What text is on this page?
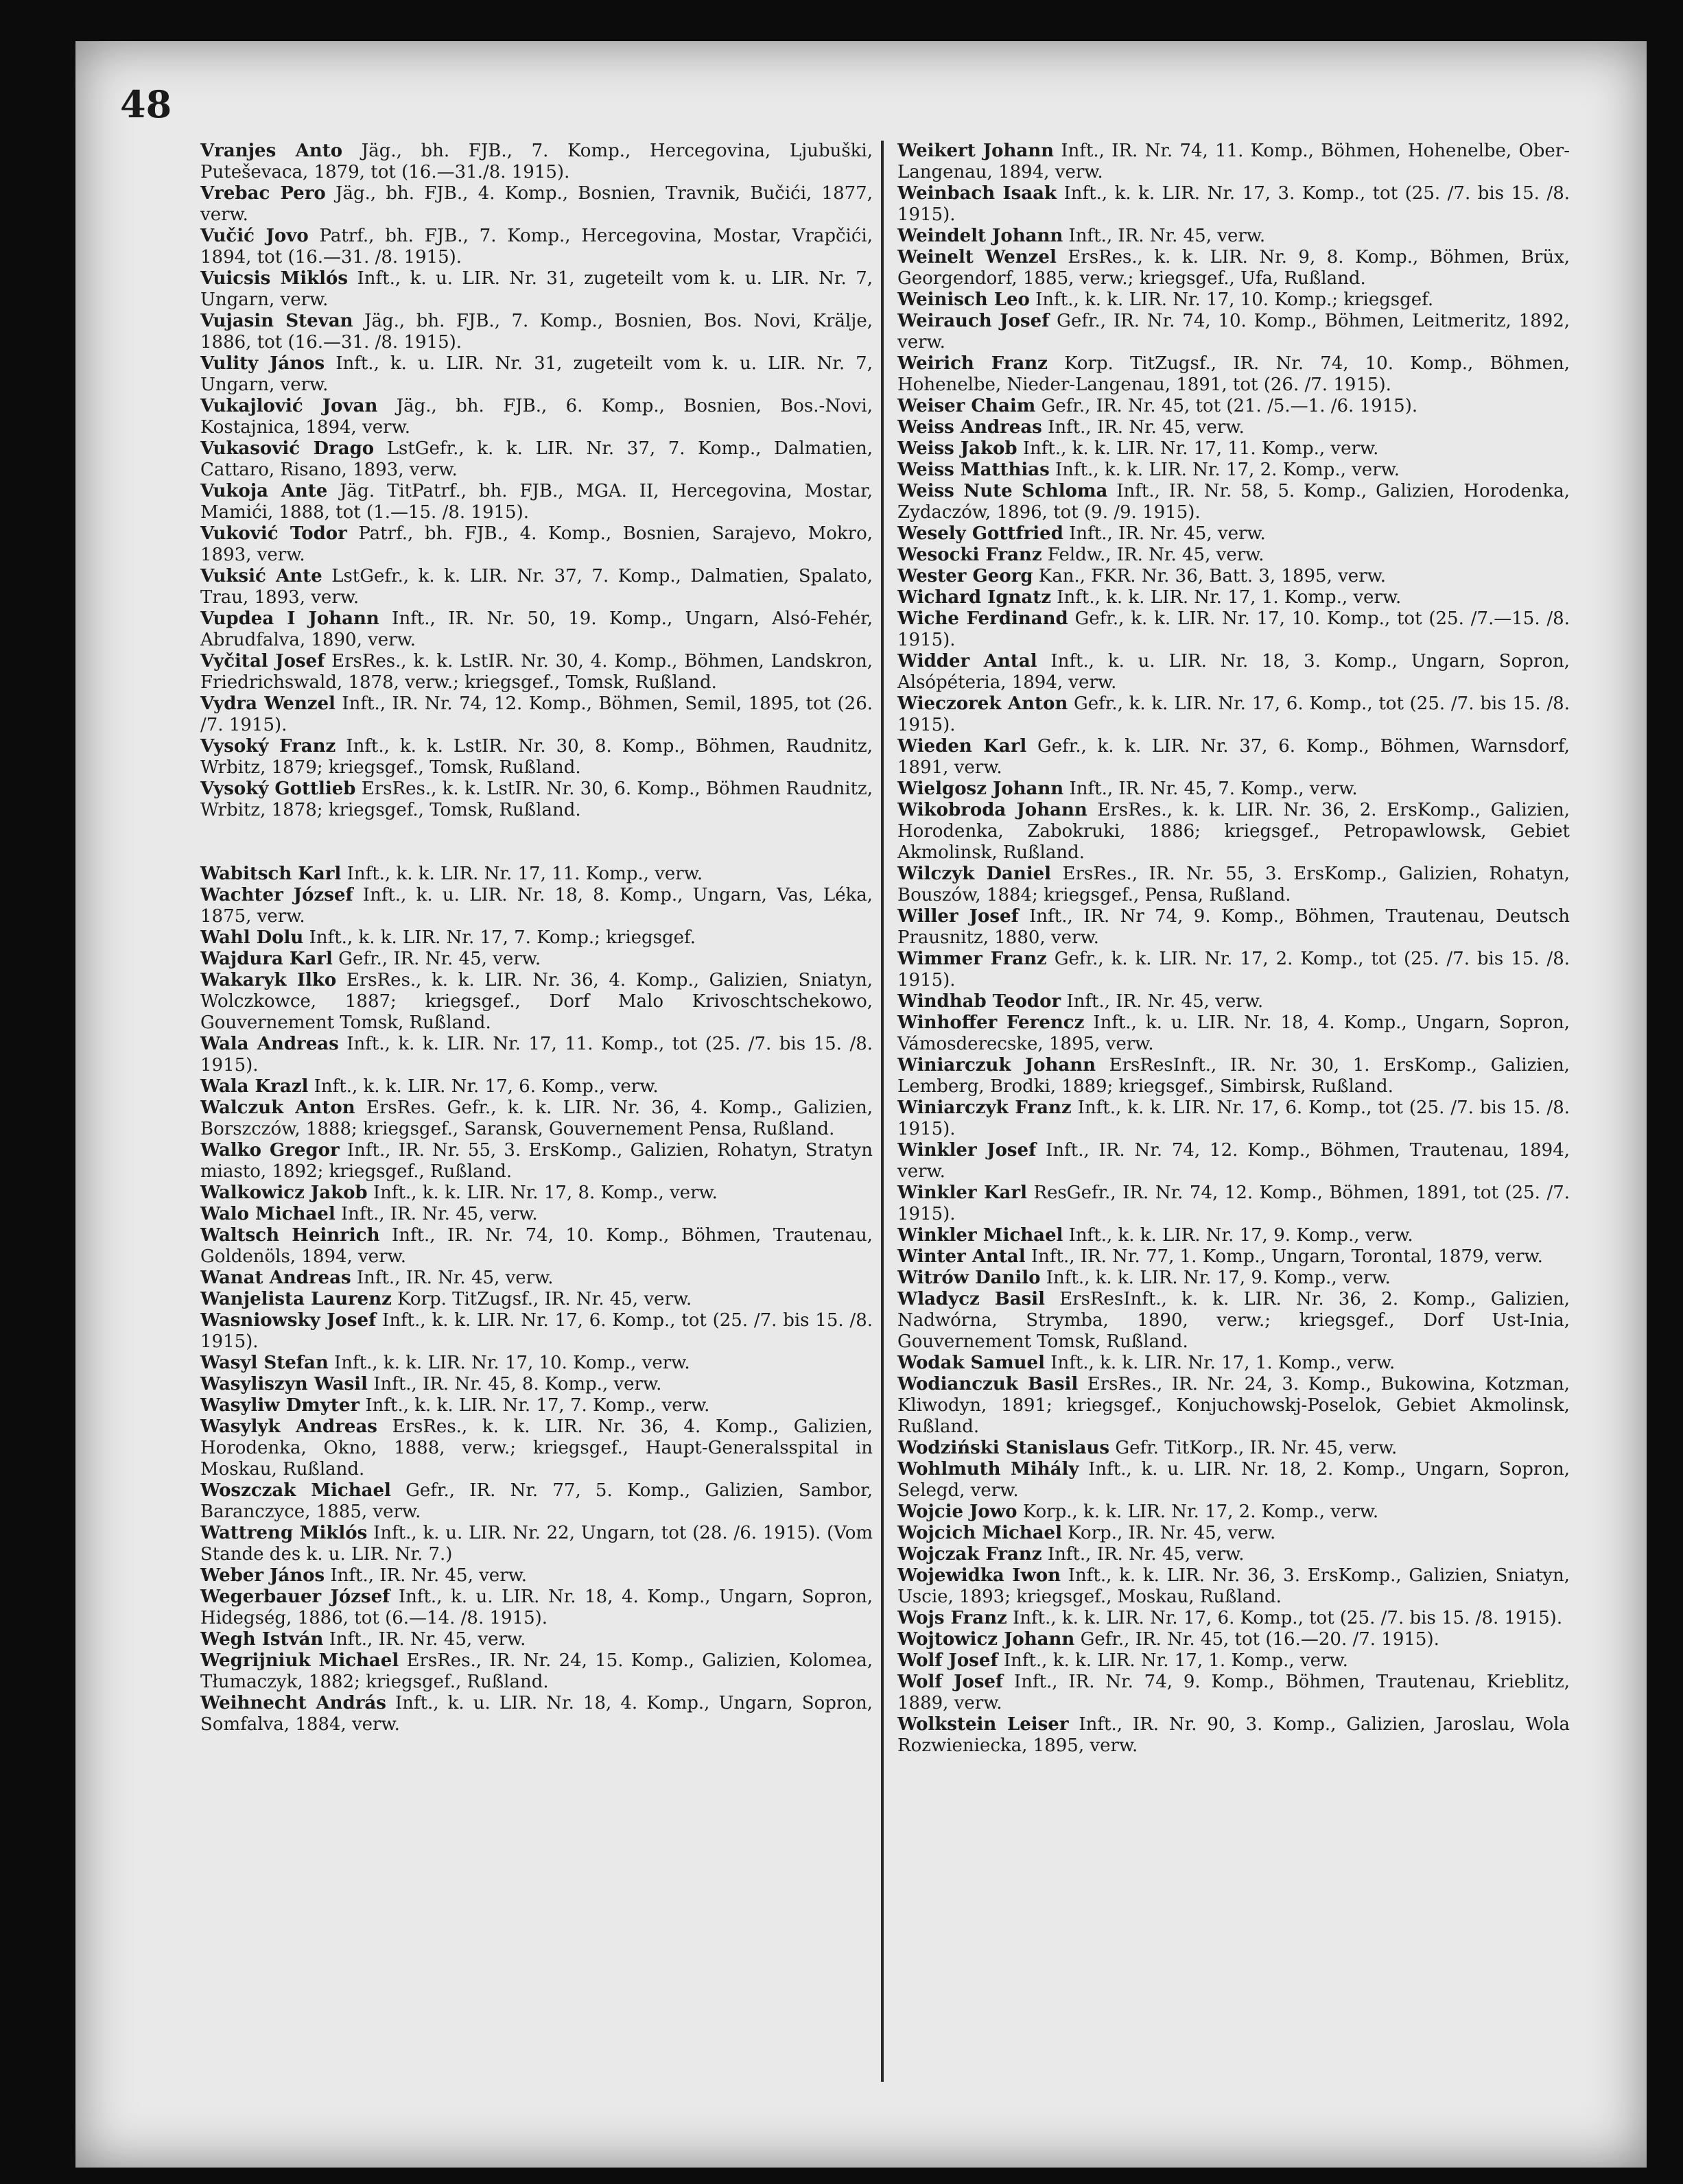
48
Vranjes Anto Jäg., bh. FJB., 7. Komp., Hercegovina, Ljubuški, Puteševaca, 1879, tot (16.—31./8. 1915).
Vrebac Pero Jäg., bh. FJB., 4. Komp., Bosnien, Travnik, Bučići, 1877, verw.
Vučić Jovo Patrf., bh. FJB., 7. Komp., Hercegovina, Mostar, Vrapčići, 1894, tot (16.—31. /8. 1915).
Vuicsis Miklós Inft., k. u. LIR. Nr. 31, zugeteilt vom k. u. LIR. Nr. 7, Ungarn, verw.
Vujasin Stevan Jäg., bh. FJB., 7. Komp., Bosnien, Bos. Novi, Krälje, 1886, tot (16.—31. /8. 1915).
Vulity János Inft., k. u. LIR. Nr. 31, zugeteilt vom k. u. LIR. Nr. 7, Ungarn, verw.
Vukajlović Jovan Jäg., bh. FJB., 6. Komp., Bosnien, Bos.-Novi, Kostajnica, 1894, verw.
Vukasović Drago LstGefr., k. k. LIR. Nr. 37, 7. Komp., Dalmatien, Cattaro, Risano, 1893, verw.
Vukoja Ante Jäg. TitPatrf., bh. FJB., MGA. II, Hercegovina, Mostar, Mamići, 1888, tot (1.—15. /8. 1915).
Vuković Todor Patrf., bh. FJB., 4. Komp., Bosnien, Sarajevo, Mokro, 1893, verw.
Vuksić Ante LstGefr., k. k. LIR. Nr. 37, 7. Komp., Dalmatien, Spalato, Trau, 1893, verw.
Vupdea I Johann Inft., IR. Nr. 50, 19. Komp., Ungarn, Alsó-Fehér, Abrudfalva, 1890, verw.
Vyčital Josef ErsRes., k. k. LstIR. Nr. 30, 4. Komp., Böhmen, Landskron, Friedrichswald, 1878, verw.; kriegsgef., Tomsk, Rußland.
Vydra Wenzel Inft., IR. Nr. 74, 12. Komp., Böhmen, Semil, 1895, tot (26. /7. 1915).
Vysoký Franz Inft., k. k. LstIR. Nr. 30, 8. Komp., Böhmen, Raudnitz, Wrbitz, 1879; kriegsgef., Tomsk, Rußland.
Vysoký Gottlieb ErsRes., k. k. LstIR. Nr. 30, 6. Komp., Böhmen Raudnitz, Wrbitz, 1878; kriegsgef., Tomsk, Rußland.
Wabitsch Karl Inft., k. k. LIR. Nr. 17, 11. Komp., verw.
Wachter József Inft., k. u. LIR. Nr. 18, 8. Komp., Ungarn, Vas, Léka, 1875, verw.
Wahl Dolu Inft., k. k. LIR. Nr. 17, 7. Komp.; kriegsgef.
Wajdura Karl Gefr., IR. Nr. 45, verw.
Wakaryk Ilko ErsRes., k. k. LIR. Nr. 36, 4. Komp., Galizien, Sniatyn, Wolczkowce, 1887; kriegsgef., Dorf Malo Krivoschtschekowo, Gouvernement Tomsk, Rußland.
Wala Andreas Inft., k. k. LIR. Nr. 17, 11. Komp., tot (25. /7. bis 15. /8. 1915).
Wala Krazl Inft., k. k. LIR. Nr. 17, 6. Komp., verw.
Walczuk Anton ErsRes. Gefr., k. k. LIR. Nr. 36, 4. Komp., Galizien, Borszczów, 1888; kriegsgef., Saransk, Gouvernement Pensa, Rußland.
Walko Gregor Inft., IR. Nr. 55, 3. ErsKomp., Galizien, Rohatyn, Stratyn miasto, 1892; kriegsgef., Rußland.
Walkowicz Jakob Inft., k. k. LIR. Nr. 17, 8. Komp., verw.
Walo Michael Inft., IR. Nr. 45, verw.
Waltsch Heinrich Inft., IR. Nr. 74, 10. Komp., Böhmen, Trautenau, Goldenöls, 1894, verw.
Wanat Andreas Inft., IR. Nr. 45, verw.
Wanjelista Laurenz Korp. TitZugsf., IR. Nr. 45, verw.
Wasniowsky Josef Inft., k. k. LIR. Nr. 17, 6. Komp., tot (25. /7. bis 15. /8. 1915).
Wasyl Stefan Inft., k. k. LIR. Nr. 17, 10. Komp., verw.
Wasyliszyn Wasil Inft., IR. Nr. 45, 8. Komp., verw.
Wasyliw Dmyter Inft., k. k. LIR. Nr. 17, 7. Komp., verw.
Wasylyk Andreas ErsRes., k. k. LIR. Nr. 36, 4. Komp., Galizien, Horodenka, Okno, 1888, verw.; kriegsgef., Haupt-Generalsspital in Moskau, Rußland.
Woszczak Michael Gefr., IR. Nr. 77, 5. Komp., Galizien, Sambor, Baranczyce, 1885, verw.
Wattreng Miklós Inft., k. u. LIR. Nr. 22, Ungarn, tot (28. /6. 1915). (Vom Stande des k. u. LIR. Nr. 7.)
Weber János Inft., IR. Nr. 45, verw.
Wegerbauer József Inft., k. u. LIR. Nr. 18, 4. Komp., Ungarn, Sopron, Hidegség, 1886, tot (6.—14. /8. 1915).
Wegh István Inft., IR. Nr. 45, verw.
Wegrijniuk Michael ErsRes., IR. Nr. 24, 15. Komp., Galizien, Kolomea, Tłumaczyk, 1882; kriegsgef., Rußland.
Weihnecht András Inft., k. u. LIR. Nr. 18, 4. Komp., Ungarn, Sopron, Somfalva, 1884, verw.
Weikert Johann Inft., IR. Nr. 74, 11. Komp., Böhmen, Hohenelbe, Ober-Langenau, 1894, verw.
Weinbach Isaak Inft., k. k. LIR. Nr. 17, 3. Komp., tot (25. /7. bis 15. /8. 1915).
Weindelt Johann Inft., IR. Nr. 45, verw.
Weinelt Wenzel ErsRes., k. k. LIR. Nr. 9, 8. Komp., Böhmen, Brüx, Georgendorf, 1885, verw.; kriegsgef., Ufa, Rußland.
Weinisch Leo Inft., k. k. LIR. Nr. 17, 10. Komp.; kriegsgef.
Weirauch Josef Gefr., IR. Nr. 74, 10. Komp., Böhmen, Leitmeritz, 1892, verw.
Weirich Franz Korp. TitZugsf., IR. Nr. 74, 10. Komp., Böhmen, Hohenelbe, Nieder-Langenau, 1891, tot (26. /7. 1915).
Weiser Chaim Gefr., IR. Nr. 45, tot (21. /5.—1. /6. 1915).
Weiss Andreas Inft., IR. Nr. 45, verw.
Weiss Jakob Inft., k. k. LIR. Nr. 17, 11. Komp., verw.
Weiss Matthias Inft., k. k. LIR. Nr. 17, 2. Komp., verw.
Weiss Nute Schloma Inft., IR. Nr. 58, 5. Komp., Galizien, Horodenka, Zydaczów, 1896, tot (9. /9. 1915).
Wesely Gottfried Inft., IR. Nr. 45, verw.
Wesocki Franz Feldw., IR. Nr. 45, verw.
Wester Georg Kan., FKR. Nr. 36, Batt. 3, 1895, verw.
Wichard Ignatz Inft., k. k. LIR. Nr. 17, 1. Komp., verw.
Wiche Ferdinand Gefr., k. k. LIR. Nr. 17, 10. Komp., tot (25. /7.—15. /8. 1915).
Widder Antal Inft., k. u. LIR. Nr. 18, 3. Komp., Ungarn, Sopron, Alsópéteria, 1894, verw.
Wieczorek Anton Gefr., k. k. LIR. Nr. 17, 6. Komp., tot (25. /7. bis 15. /8. 1915).
Wieden Karl Gefr., k. k. LIR. Nr. 37, 6. Komp., Böhmen, Warnsdorf, 1891, verw.
Wielgosz Johann Inft., IR. Nr. 45, 7. Komp., verw.
Wikobroda Johann ErsRes., k. k. LIR. Nr. 36, 2. ErsKomp., Galizien, Horodenka, Zabokruki, 1886; kriegsgef., Petropawlowsk, Gebiet Akmolinsk, Rußland.
Wilczyk Daniel ErsRes., IR. Nr. 55, 3. ErsKomp., Galizien, Rohatyn, Bouszów, 1884; kriegsgef., Pensa, Rußland.
Willer Josef Inft., IR. Nr 74, 9. Komp., Böhmen, Trautenau, Deutsch Prausnitz, 1880, verw.
Wimmer Franz Gefr., k. k. LIR. Nr. 17, 2. Komp., tot (25. /7. bis 15. /8. 1915).
Windhab Teodor Inft., IR. Nr. 45, verw.
Winhoffer Ferencz Inft., k. u. LIR. Nr. 18, 4. Komp., Ungarn, Sopron, Vámosderecske, 1895, verw.
Winiarczuk Johann ErsResInft., IR. Nr. 30, 1. ErsKomp., Galizien, Lemberg, Brodki, 1889; kriegsgef., Simbirsk, Rußland.
Winiarczyk Franz Inft., k. k. LIR. Nr. 17, 6. Komp., tot (25. /7. bis 15. /8. 1915).
Winkler Josef Inft., IR. Nr. 74, 12. Komp., Böhmen, Trautenau, 1894, verw.
Winkler Karl ResGefr., IR. Nr. 74, 12. Komp., Böhmen, 1891, tot (25. /7. 1915).
Winkler Michael Inft., k. k. LIR. Nr. 17, 9. Komp., verw.
Winter Antal Inft., IR. Nr. 77, 1. Komp., Ungarn, Torontal, 1879, verw.
Witrów Danilo Inft., k. k. LIR. Nr. 17, 9. Komp., verw.
Wladycz Basil ErsResInft., k. k. LIR. Nr. 36, 2. Komp., Galizien, Nadwórna, Strymba, 1890, verw.; kriegsgef., Dorf Ust-Inia, Gouvernement Tomsk, Rußland.
Wodak Samuel Inft., k. k. LIR. Nr. 17, 1. Komp., verw.
Wodianczuk Basil ErsRes., IR. Nr. 24, 3. Komp., Bukowina, Kotzman, Kliwodyn, 1891; kriegsgef., Konjuchowskj-Poselok, Gebiet Akmolinsk, Rußland.
Wodziński Stanislaus Gefr. TitKorp., IR. Nr. 45, verw.
Wohlmuth Mihály Inft., k. u. LIR. Nr. 18, 2. Komp., Ungarn, Sopron, Selegd, verw.
Wojcie Jowo Korp., k. k. LIR. Nr. 17, 2. Komp., verw.
Wojcich Michael Korp., IR. Nr. 45, verw.
Wojczak Franz Inft., IR. Nr. 45, verw.
Wojewidka Iwon Inft., k. k. LIR. Nr. 36, 3. ErsKomp., Galizien, Sniatyn, Uscie, 1893; kriegsgef., Moskau, Rußland.
Wojs Franz Inft., k. k. LIR. Nr. 17, 6. Komp., tot (25. /7. bis 15. /8. 1915).
Wojtowicz Johann Gefr., IR. Nr. 45, tot (16.—20. /7. 1915).
Wolf Josef Inft., k. k. LIR. Nr. 17, 1. Komp., verw.
Wolf Josef Inft., IR. Nr. 74, 9. Komp., Böhmen, Trautenau, Krieblitz, 1889, verw.
Wolkstein Leiser Inft., IR. Nr. 90, 3. Komp., Galizien, Jaroslau, Wola Rozwieniecka, 1895, verw.
